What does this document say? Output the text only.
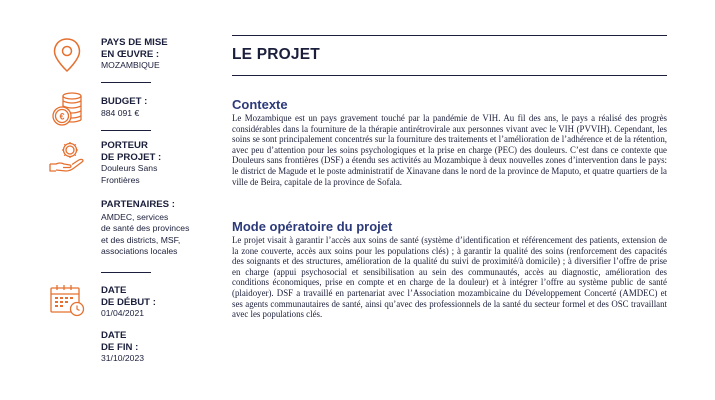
PAYS DE MISE
EN ŒUVRE :
MOZAMBIQUE
€
BUDGET :
884 091 €
PORTEUR
DE PROJET :
Douleurs Sans
Frontières
PARTENAIRES :
AMDEC, services
de santé des provinces
et des districts, MSF,
associations locales
DATE
DE DÉBUT :
01/04/2021
DATE
DE FIN :
31/10/2023
LE PROJET
Contexte

Le Mozambique est un pays gravement touché par la pandémie de VIH. Au fil des ans, le pays a réalisé des progrès considérables dans la fourniture de la thérapie antirétrovirale aux personnes vivant avec le VIH (PVVIH). Cependant, les soins se sont principalement concentrés sur la fourniture des traitements et l’amélioration de l’adhérence et de la rétention, avec peu d’attention pour les soins psychologiques et la prise en charge (PEC) des douleurs. C’est dans ce contexte que Douleurs sans frontières (DSF) a étendu ses activités au Mozambique à deux nouvelles zones d’intervention dans le pays: le district de Magude et le poste administratif de Xinavane dans le nord de la province de Maputo, et quatre quartiers de la ville de Beira, capitale de la province de Sofala.

Mode opératoire du projet

Le projet visait à garantir l’accès aux soins de santé (système d’identification et référencement des patients, extension de la zone couverte, accès aux soins pour les populations clés) ; à garantir la qualité des soins (renforcement des capacités des soignants et des structures, amélioration de la qualité du suivi de proximité/à domicile) ; à diversifier l’offre de prise en charge (appui psychosocial et sensibilisation au sein des communautés, accès au diagnostic, amélioration des conditions économiques, prise en compte et en charge de la douleur) et à intégrer l’offre au système public de santé (plaidoyer). DSF a travaillé en partenariat avec l’Association mozambicaine du Développement Concerté (AMDEC) et ses agents communautaires de santé, ainsi qu’avec des professionnels de la santé du secteur formel et des OSC travaillant avec les populations clés.
